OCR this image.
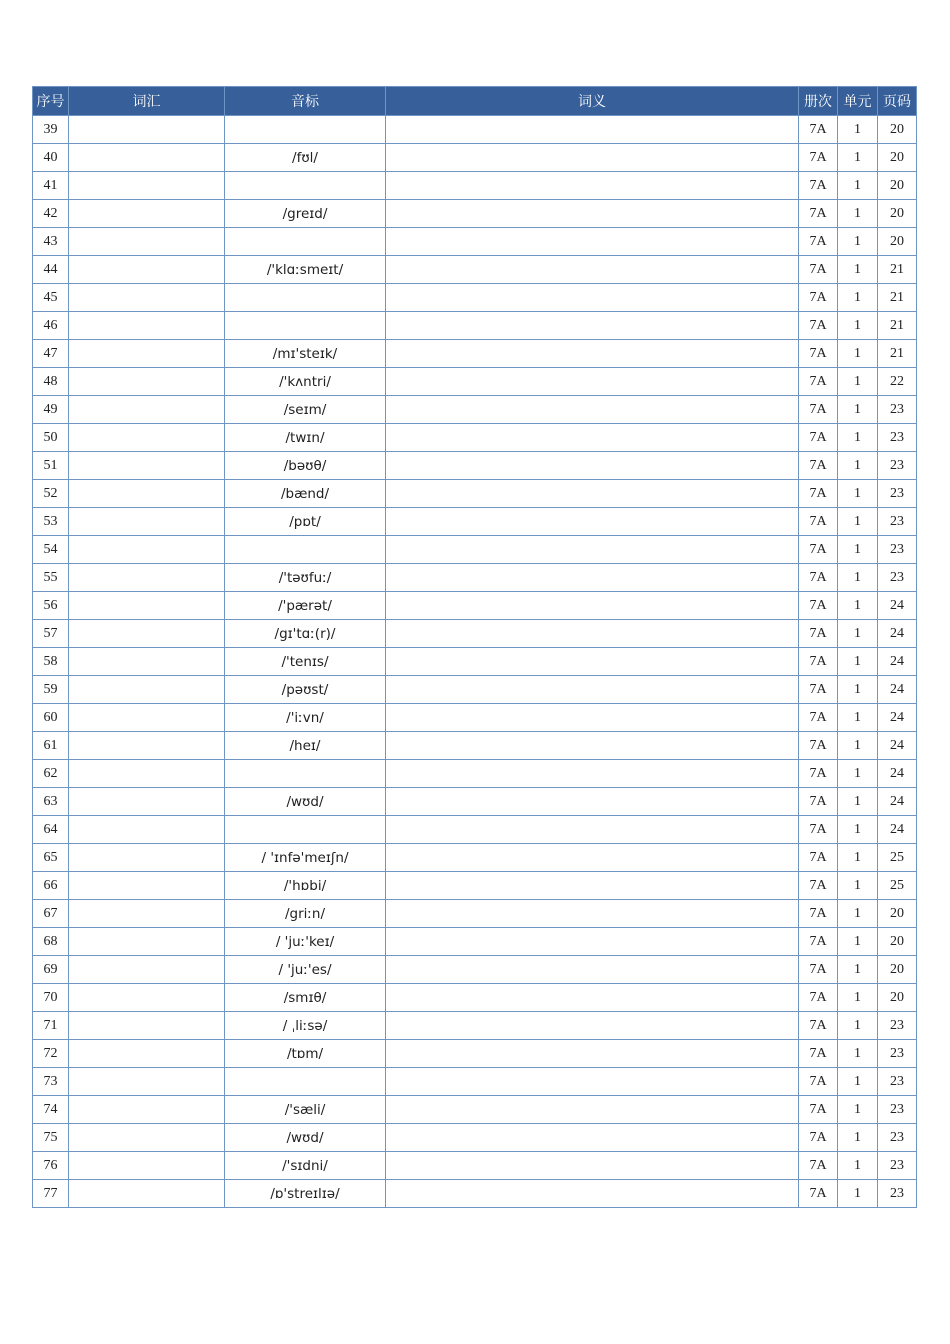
序号	词汇	音标	词义	册次	单元	页码
39				7A	1	20
40		/fʊl/		7A	1	20
41				7A	1	20
42		/greɪd/		7A	1	20
43				7A	1	20
44		/'klɑːsmeɪt/		7A	1	21
45				7A	1	21
46				7A	1	21
47		/mɪ'steɪk/		7A	1	21
48		/'kʌntri/		7A	1	22
49		/seɪm/		7A	1	23
50		/twɪn/		7A	1	23
51		/bəʊθ/		7A	1	23
52		/bænd/		7A	1	23
53		/pɒt/		7A	1	23
54				7A	1	23
55		/'təʊfuː/		7A	1	23
56		/'pærət/		7A	1	24
57		/gɪ'tɑː(r)/		7A	1	24
58		/'tenɪs/		7A	1	24
59		/pəʊst/		7A	1	24
60		/'iːvn/		7A	1	24
61		/heɪ/		7A	1	24
62				7A	1	24
63		/wʊd/		7A	1	24
64				7A	1	24
65		/ 'ɪnfə'meɪʃn/		7A	1	25
66		/'hɒbi/		7A	1	25
67		/griːn/		7A	1	20
68		/ 'juː'keɪ/		7A	1	20
69		/ 'juː'es/		7A	1	20
70		/smɪθ/		7A	1	20
71		/ ˌliːsə/		7A	1	23
72		/tɒm/		7A	1	23
73				7A	1	23
74		/'sæli/		7A	1	23
75		/wʊd/		7A	1	23
76		/'sɪdni/		7A	1	23
77		/ɒ'streɪlɪə/		7A	1	23
